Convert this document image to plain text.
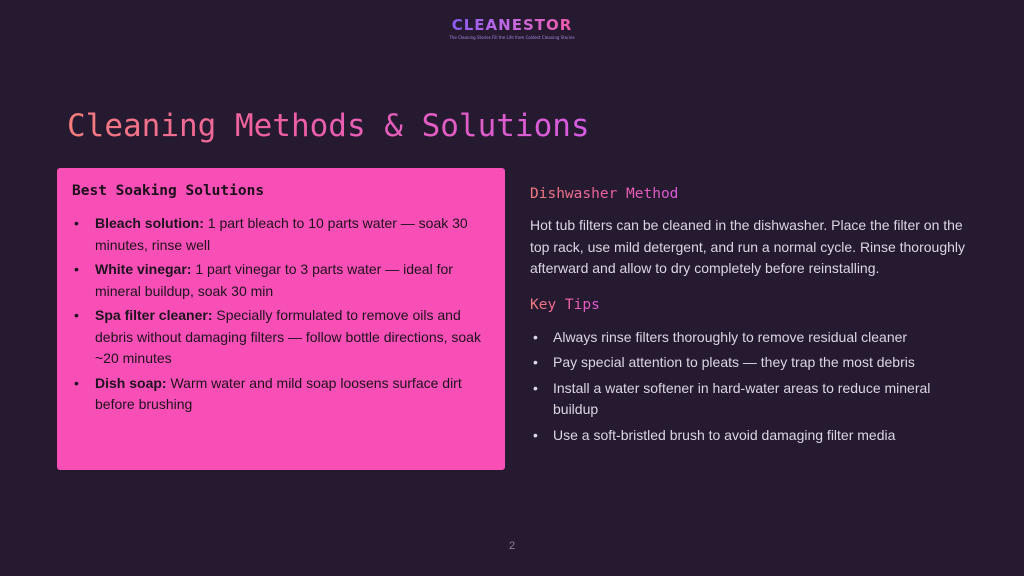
CLEANESTOR
The Cleaning Stories Fill the Life from Coldest Cleaning Stories
Cleaning Methods & Solutions
Best Soaking Solutions
• Bleach solution: 1 part bleach to 10 parts water — soak 30 minutes, rinse well
• White vinegar: 1 part vinegar to 3 parts water — ideal for mineral buildup, soak 30 min
• Spa filter cleaner: Specially formulated to remove oils and debris without damaging filters — follow bottle directions, soak ~20 minutes
• Dish soap: Warm water and mild soap loosens surface dirt before brushing
Dishwasher Method
Hot tub filters can be cleaned in the dishwasher. Place the filter on the top rack, use mild detergent, and run a normal cycle. Rinse thoroughly afterward and allow to dry completely before reinstalling.
Key Tips
• Always rinse filters thoroughly to remove residual cleaner
• Pay special attention to pleats — they trap the most debris
• Install a water softener in hard-water areas to reduce mineral buildup
• Use a soft-bristled brush to avoid damaging filter media
2
